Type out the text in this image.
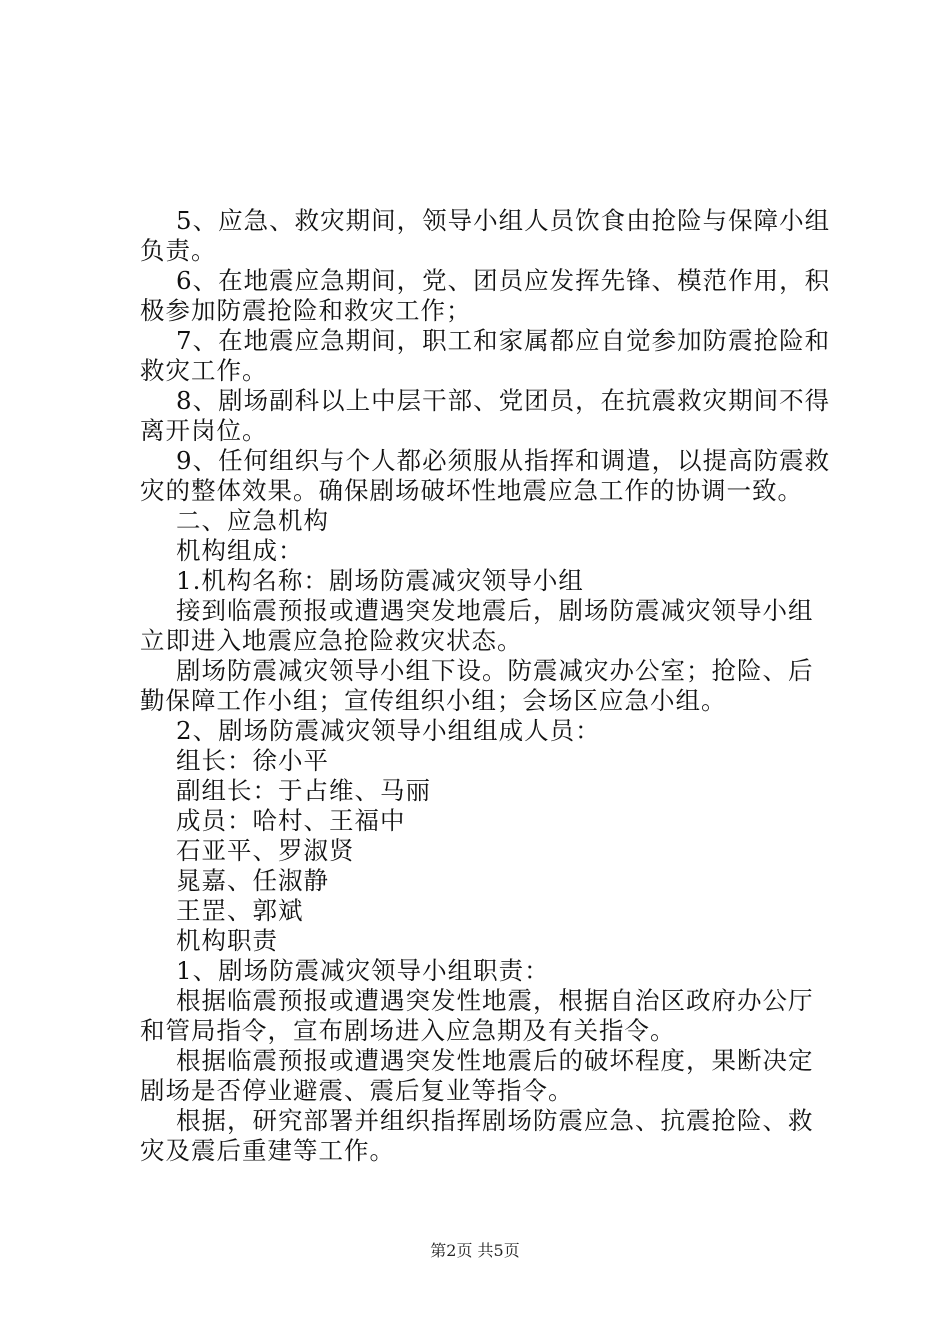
5、应急、救灾期间，领导小组人员饮食由抢险与保障小组
负责。
6、在地震应急期间，党、团员应发挥先锋、模范作用，积
极参加防震抢险和救灾工作；
7、在地震应急期间，职工和家属都应自觉参加防震抢险和
救灾工作。
8、剧场副科以上中层干部、党团员，在抗震救灾期间不得
离开岗位。
9、任何组织与个人都必须服从指挥和调遣，以提高防震救
灾的整体效果。确保剧场破坏性地震应急工作的协调一致。
二、应急机构
机构组成：
1.机构名称：剧场防震减灾领导小组
接到临震预报或遭遇突发地震后，剧场防震减灾领导小组
立即进入地震应急抢险救灾状态。
剧场防震减灾领导小组下设。防震减灾办公室；抢险、后
勤保障工作小组；宣传组织小组；会场区应急小组。
2、剧场防震减灾领导小组组成人员：
组长：徐小平
副组长：于占维、马丽
成员：哈村、王福中
石亚平、罗淑贤
晁嘉、任淑静
王罡、郭斌
机构职责
1、剧场防震减灾领导小组职责：
根据临震预报或遭遇突发性地震，根据自治区政府办公厅
和管局指令，宣布剧场进入应急期及有关指令。
根据临震预报或遭遇突发性地震后的破坏程度，果断决定
剧场是否停业避震、震后复业等指令。
根据，研究部署并组织指挥剧场防震应急、抗震抢险、救
灾及震后重建等工作。
第2页 共5页
